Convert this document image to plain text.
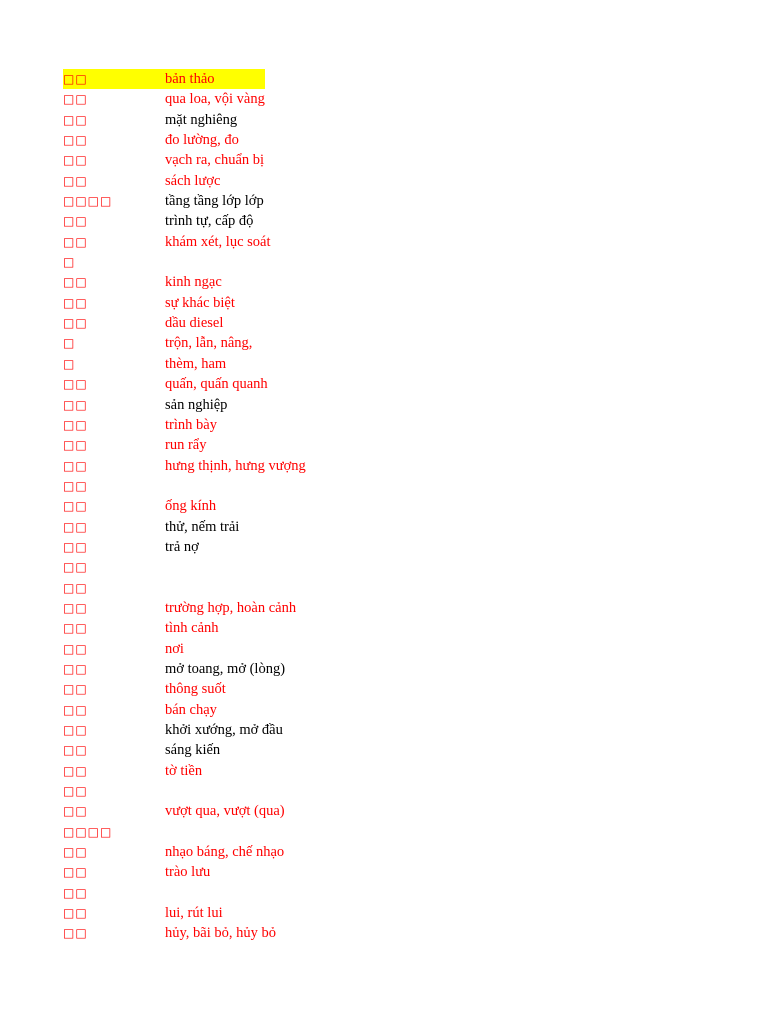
□□	bản thảo
□□	qua loa, vội vàng
□□	mặt nghiêng
□□	đo lường, đo
□□	vạch ra, chuẩn bị
□□	sách lược
□□□□	tầng tầng lớp lớp
□□	trình tự, cấp độ
□□	khám xét, lục soát
□
□□	kinh ngạc
□□	sự khác biệt
□□	dầu diesel
□	trộn, lẫn, nâng,
□	thèm, ham
□□	quấn, quấn quanh
□□	sản nghiệp
□□	trình bày
□□	run rẩy
□□	hưng thịnh, hưng vượng
□□
□□	ống kính
□□	thử, nếm trải
□□	trả nợ
□□
□□
□□	trường hợp, hoàn cảnh
□□	tình cảnh
□□	nơi
□□	mở toang, mở (lòng)
□□	thông suốt
□□	bán chạy
□□	khởi xướng, mở đầu
□□	sáng kiến
□□	tờ tiền
□□
□□	vượt qua, vượt (qua)
□□□□
□□	nhạo báng, chế nhạo
□□	trào lưu
□□
□□	lui, rút lui
□□	hủy, bãi bỏ, hủy bỏ
